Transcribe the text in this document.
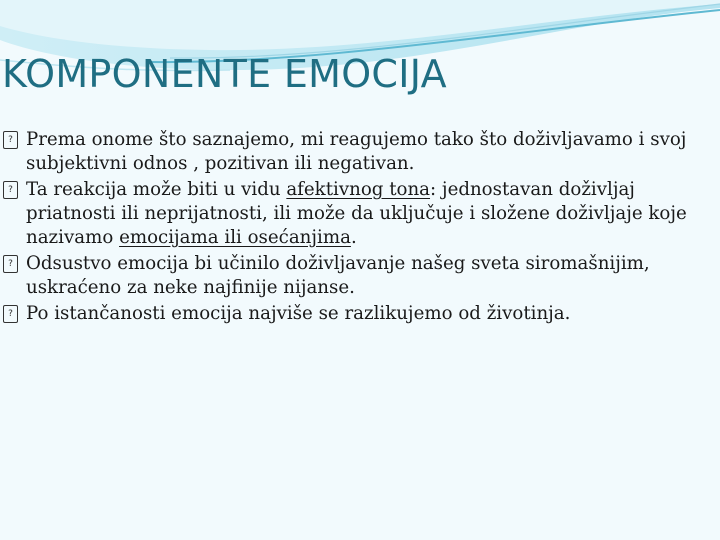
KOMPONENTE EMOCIJA
? Prema onome što saznajemo, mi reagujemo tako što doživljavamo i svoj subjektivni odnos , pozitivan ili negativan.
? Ta reakcija može biti u vidu afektivnog tona: jednostavan doživljaj priatnosti ili neprijatnosti, ili može da uključuje i složene doživljaje koje nazivamo emocijama ili osećanjima.
? Odsustvo emocija bi učinilo doživljavanje našeg sveta siromašnijim, uskraćeno za neke najfinije nijanse.
? Po istančanosti emocija najviše se razlikujemo od životinja.
